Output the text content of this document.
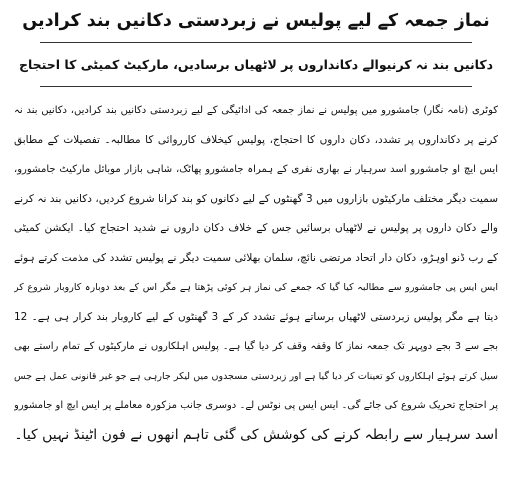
نماز جمعہ کے لیے پولیس نے زبردستی دکانیں بند کرادیں
دکانیں بند نہ کرنیوالے دکانداروں پر لاٹھیاں برسادیں، مارکیٹ کمیٹی کا احتجاج
کوٹری (نامہ نگار) جامشورو میں پولیس نے نماز جمعہ کی ادائیگی کے لیے زبردستی دکانیں بند کرادیں، دکانیں بند نہ
کرنے پر دکانداروں پر تشدد، دکان داروں کا احتجاج، پولیس کیخلاف کارروائی کا مطالبہ۔ تفصیلات کے مطابق
ایس ایچ او جامشورو اسد سرہیار نے بھاری نفری کے ہمراہ جامشورو پھاٹک، شاہی بازار موبائل مارکیٹ جامشورو،
سمیت دیگر مختلف مارکیٹوں بازاروں میں 3 گھنٹوں کے لیے دکانوں کو بند کرانا شروع کردیں، دکانیں بند نہ کرنے
والے دکان داروں پر پولیس نے لاٹھیاں برسائیں جس کے خلاف دکان داروں نے شدید احتجاج کیا۔ ایکشن کمیٹی
کے رب ڈنو اوہڑو، دکان دار اتحاد مرتضی نائچ، سلمان بھلائی سمیت دیگر نے پولیس تشدد کی مذمت کرتے ہوئے
ایس ایس پی جامشورو سے مطالبہ کیا گیا کہ جمعے کی نماز ہر کوئی پڑھتا ہے مگر اس کے بعد دوبارہ کاروبار شروع کر
دیتا ہے مگر پولیس زبردستی لاٹھیاں برساتے ہوئے تشدد کر کے 3 گھنٹوں کے لیے کاروبار بند کرار ہی ہے۔ 12
بجے سے 3 بجے دوپہر تک جمعہ نماز کا وقفہ وقف کر دیا گیا ہے۔ پولیس اہلکاروں نے مارکیٹوں کے تمام راستے بھی
سیل کرتے ہوئے اہلکاروں کو تعینات کر دیا گیا ہے اور زبردستی مسجدوں میں لیکر جارہی ہے جو غیر قانونی عمل ہے جس
پر احتجاج تحریک شروع کی جائے گی۔ ایس ایس پی نوٹس لے۔ دوسری جانب مزکورہ معاملے پر ایس ایچ او جامشورو
اسد سرہیار سے رابطہ کرنے کی کوشش کی گئی تاہم انھوں نے فون اٹینڈ نہیں کیا۔
